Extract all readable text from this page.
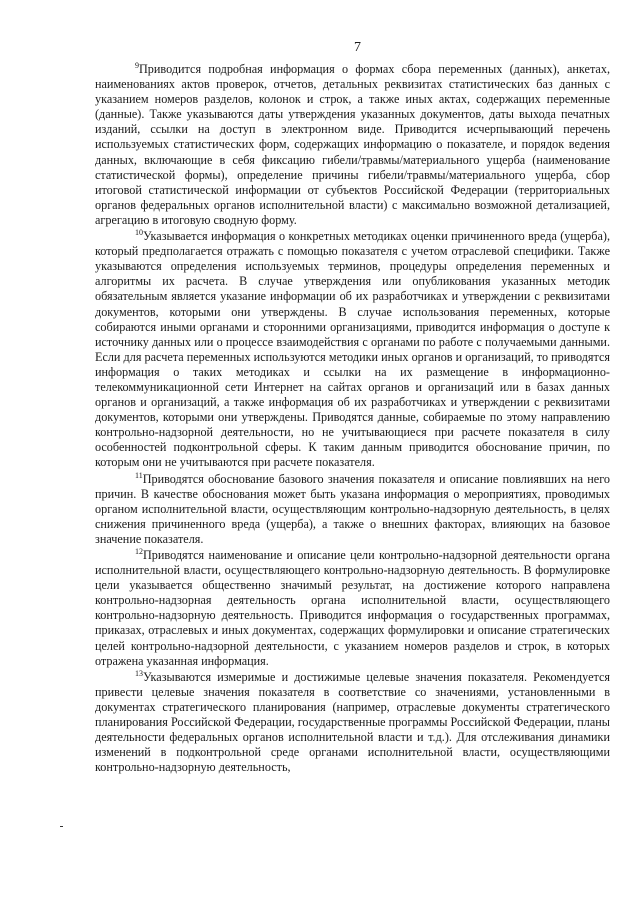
7

$^9$Приводится подробная информация о формах сбора переменных (данных), анкетах, наименованиях актов проверок, отчетов, детальных реквизитах статистических баз данных с указанием номеров разделов, колонок и строк, а также иных актах, содержащих переменные (данные). Также указываются даты утверждения указанных документов, даты выхода печатных изданий, ссылки на доступ в электронном виде. Приводится исчерпывающий перечень используемых статистических форм, содержащих информацию о показателе, и порядок ведения данных, включающие в себя фиксацию гибели/травмы/материального ущерба (наименование статистической формы), определение причины гибели/травмы/материального ущерба, сбор итоговой статистической информации от субъектов Российской Федерации (территориальных органов федеральных органов исполнительной власти) с максимально возможной детализацией, агрегацию в итоговую сводную форму.

$^{10}$Указывается информация о конкретных методиках оценки причиненного вреда (ущерба), который предполагается отражать с помощью показателя с учетом отраслевой специфики. Также указываются определения используемых терминов, процедуры определения переменных и алгоритмы их расчета. В случае утверждения или опубликования указанных методик обязательным является указание информации об их разработчиках и утверждении с реквизитами документов, которыми они утверждены. В случае использования переменных, которые собираются иными органами и сторонними организациями, приводится информация о доступе к источнику данных или о процессе взаимодействия с органами по работе с получаемыми данными. Если для расчета переменных используются методики иных органов и организаций, то приводятся информация о таких методиках и ссылки на их размещение в информационно-телекоммуникационной сети Интернет на сайтах органов и организаций или в базах данных органов и организаций, а также информация об их разработчиках и утверждении с реквизитами документов, которыми они утверждены. Приводятся данные, собираемые по этому направлению контрольно-надзорной деятельности, но не учитывающиеся при расчете показателя в силу особенностей подконтрольной сферы. К таким данным приводится обоснование причин, по которым они не учитываются при расчете показателя.

$^{11}$Приводятся обоснование базового значения показателя и описание повлиявших на него причин. В качестве обоснования может быть указана информация о мероприятиях, проводимых органом исполнительной власти, осуществляющим контрольно-надзорную деятельность, в целях снижения причиненного вреда (ущерба), а также о внешних факторах, влияющих на базовое значение показателя.

$^{12}$Приводятся наименование и описание цели контрольно-надзорной деятельности органа исполнительной власти, осуществляющего контрольно-надзорную деятельность. В формулировке цели указывается общественно значимый результат, на достижение которого направлена контрольно-надзорная деятельность органа исполнительной власти, осуществляющего контрольно-надзорную деятельность. Приводится информация о государственных программах, приказах, отраслевых и иных документах, содержащих формулировки и описание стратегических целей контрольно-надзорной деятельности, с указанием номеров разделов и строк, в которых отражена указанная информация.

$^{13}$Указываются измеримые и достижимые целевые значения показателя. Рекомендуется привести целевые значения показателя в соответствие со значениями, установленными в документах стратегического планирования (например, отраслевые документы стратегического планирования Российской Федерации, государственные программы Российской Федерации, планы деятельности федеральных органов исполнительной власти и т.д.). Для отслеживания динамики изменений в подконтрольной среде органами исполнительной власти, осуществляющими контрольно-надзорную деятельность,
